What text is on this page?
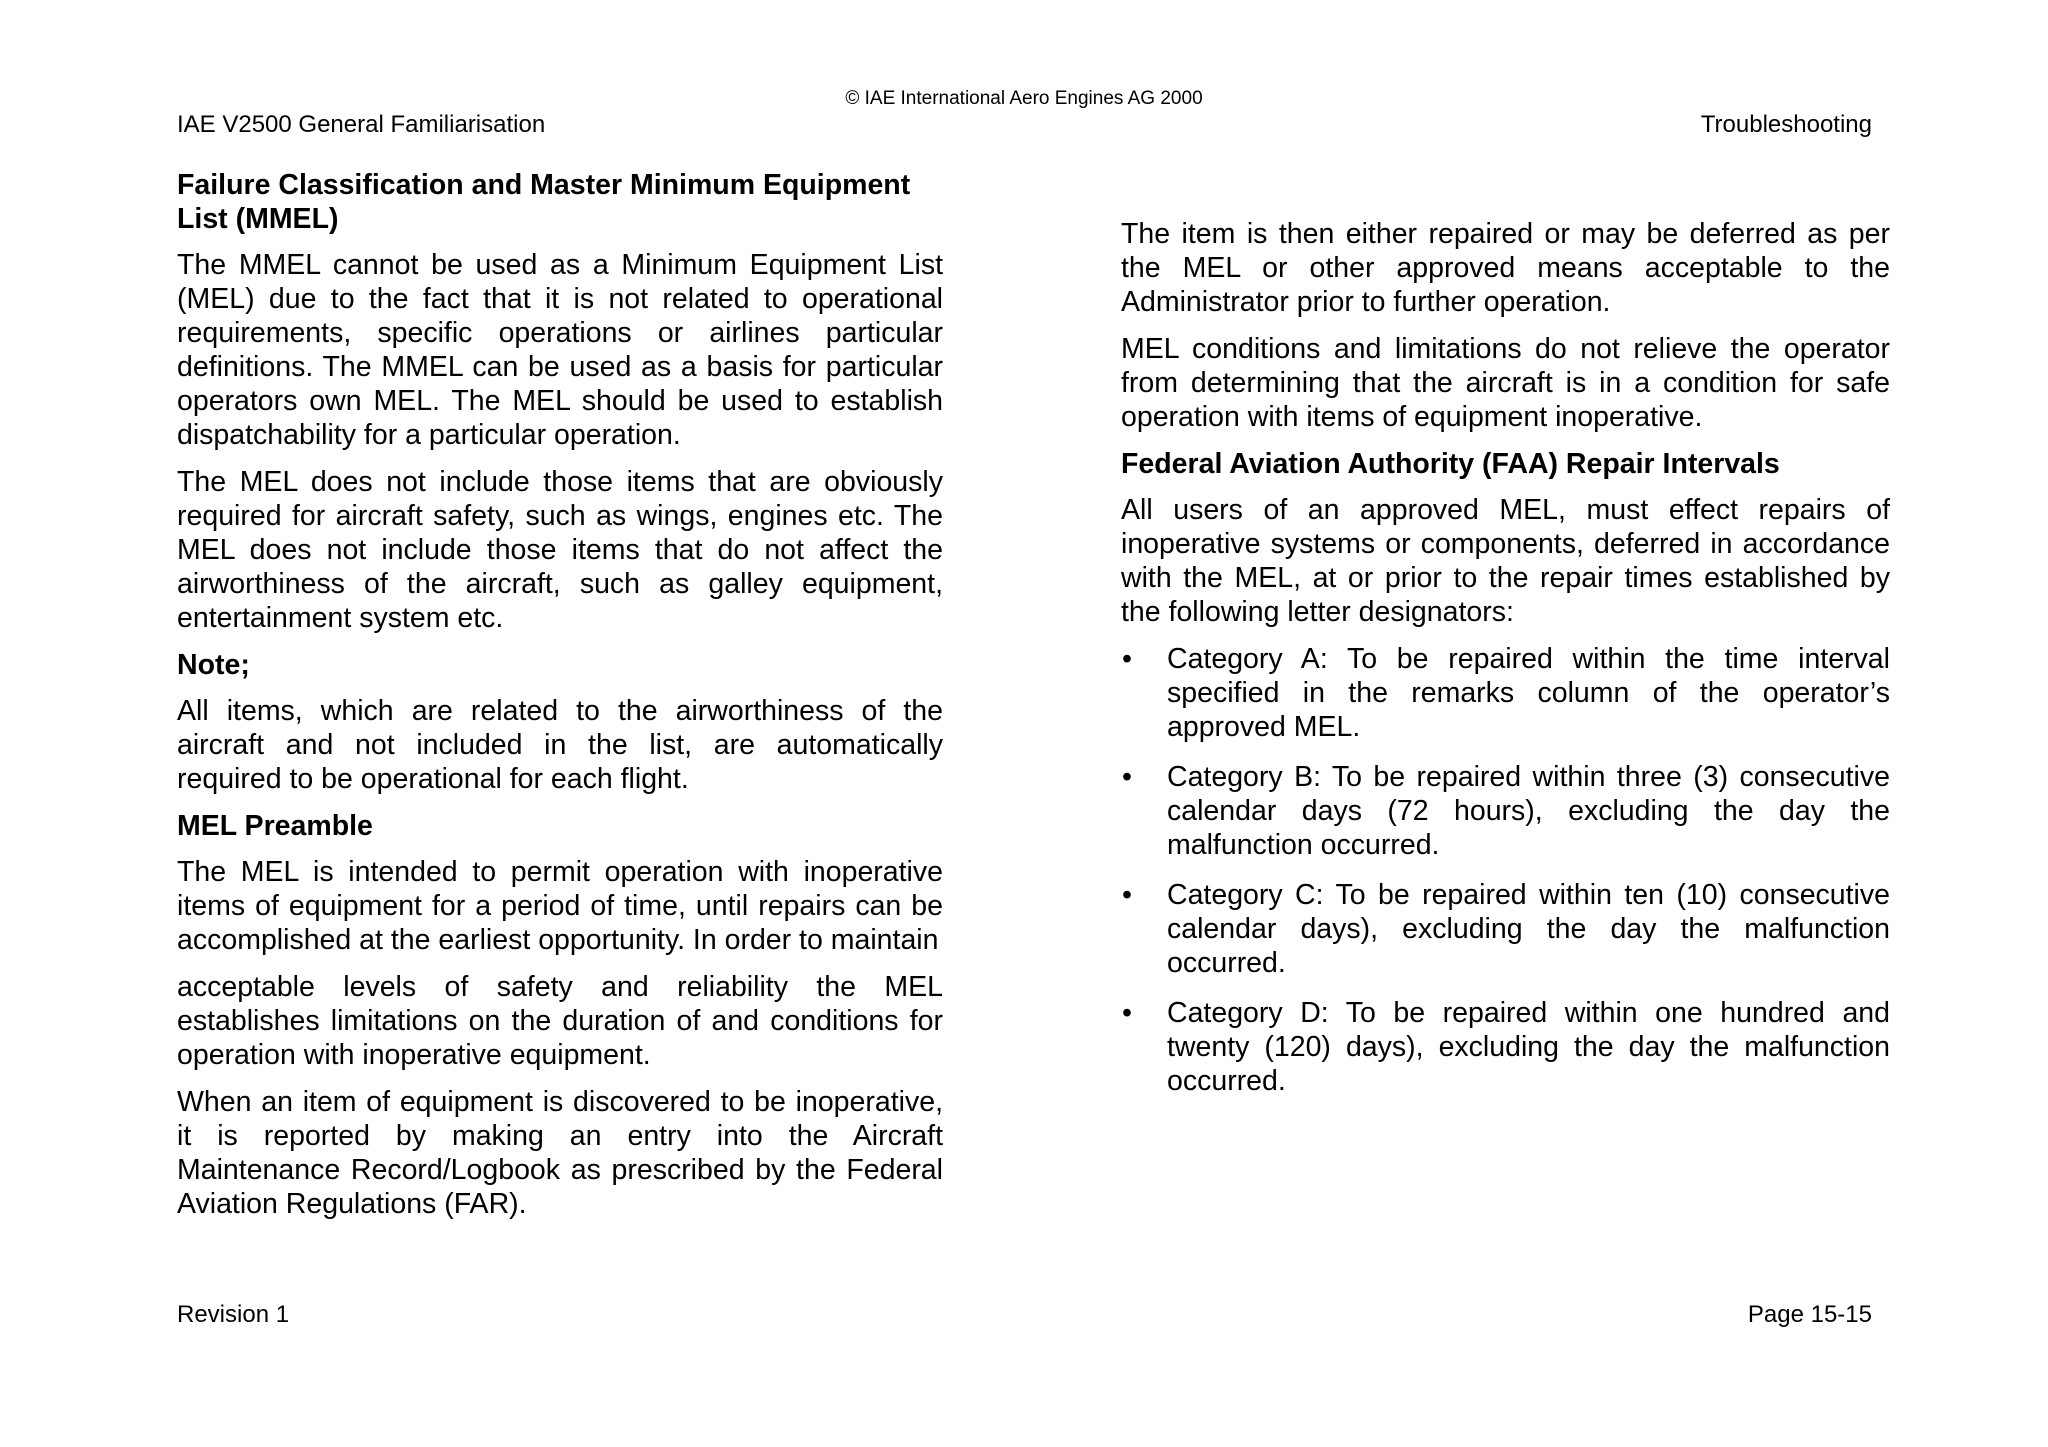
© IAE International Aero Engines AG 2000
IAE V2500 General Familiarisation	Troubleshooting
Failure Classification and Master Minimum Equipment List (MMEL)

The MMEL cannot be used as a Minimum Equipment List (MEL) due to the fact that it is not related to operational requirements, specific operations or airlines particular definitions. The MMEL can be used as a basis for particular operators own MEL. The MEL should be used to establish dispatchability for a particular operation.

The MEL does not include those items that are obviously required for aircraft safety, such as wings, engines etc. The MEL does not include those items that do not affect the airworthiness of the aircraft, such as galley equipment, entertainment system etc.

Note;

All items, which are related to the airworthiness of the aircraft and not included in the list, are automatically required to be operational for each flight.

MEL Preamble

The MEL is intended to permit operation with inoperative items of equipment for a period of time, until repairs can be accomplished at the earliest opportunity. In order to maintain

acceptable levels of safety and reliability the MEL establishes limitations on the duration of and conditions for operation with inoperative equipment.

When an item of equipment is discovered to be inoperative, it is reported by making an entry into the Aircraft Maintenance Record/Logbook as prescribed by the Federal Aviation Regulations (FAR).

The item is then either repaired or may be deferred as per the MEL or other approved means acceptable to the Administrator prior to further operation.

MEL conditions and limitations do not relieve the operator from determining that the aircraft is in a condition for safe operation with items of equipment inoperative.

Federal Aviation Authority (FAA) Repair Intervals

All users of an approved MEL, must effect repairs of inoperative systems or components, deferred in accordance with the MEL, at or prior to the repair times established by the following letter designators:

• Category A: To be repaired within the time interval specified in the remarks column of the operator’s approved MEL.
• Category B: To be repaired within three (3) consecutive calendar days (72 hours), excluding the day the malfunction occurred.
• Category C: To be repaired within ten (10) consecutive calendar days), excluding the day the malfunction occurred.
• Category D: To be repaired within one hundred and twenty (120) days), excluding the day the malfunction occurred.
Revision 1	Page 15-15
